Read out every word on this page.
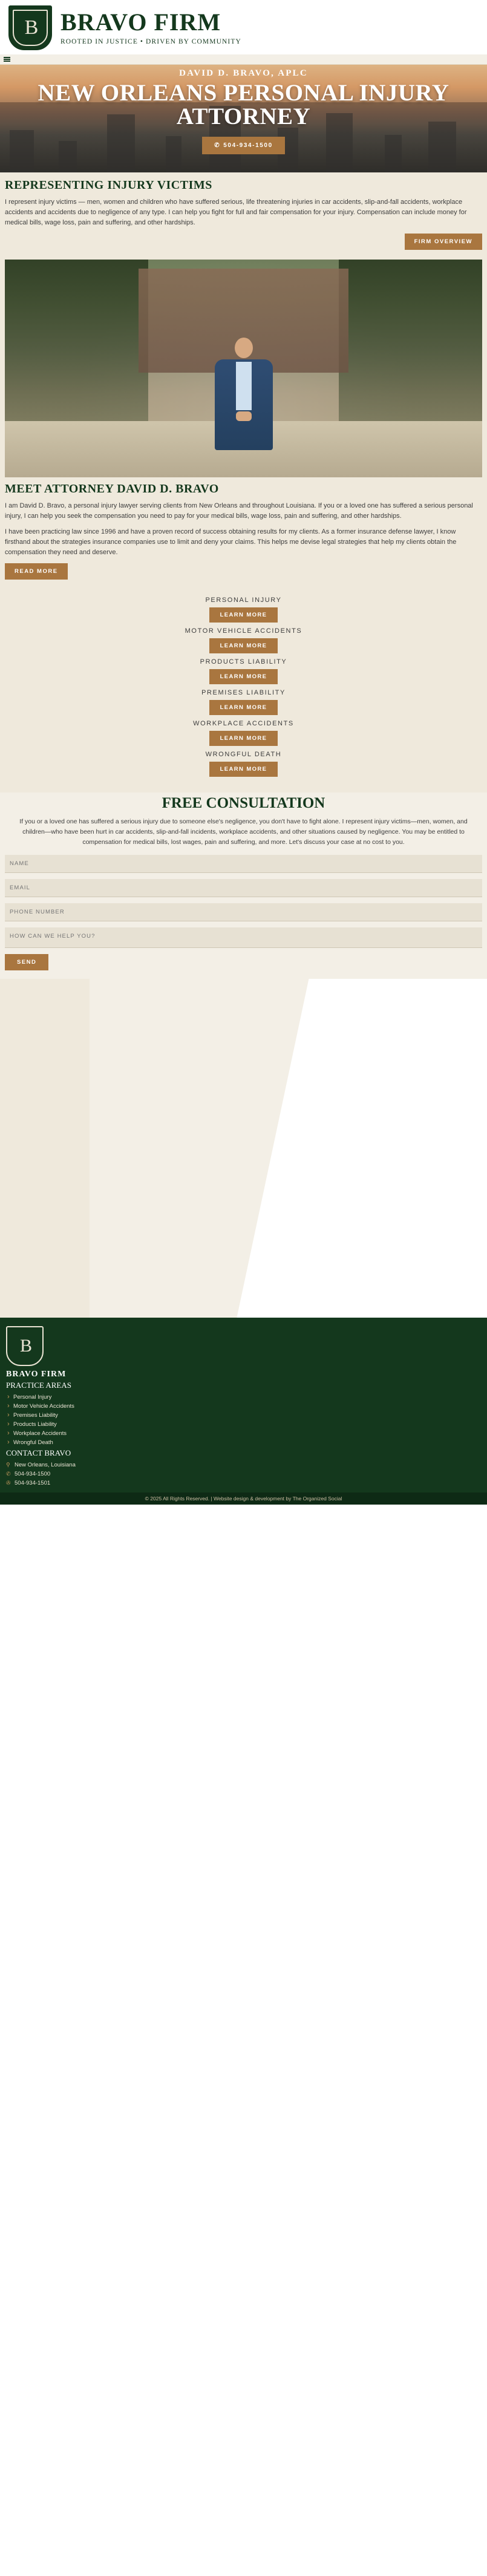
B	BRAVO FIRM
ROOTED IN JUSTICE • DRIVEN BY COMMUNITY
DAVID D. BRAVO, APLC
NEW ORLEANS PERSONAL INJURY ATTORNEY
✆ 504-934-1500
REPRESENTING INJURY VICTIMS

I represent injury victims — men, women and children who have suffered serious, life threatening injuries in car accidents, slip-and-fall accidents, workplace accidents and accidents due to negligence of any type. I can help you fight for full and fair compensation for your injury. Compensation can include money for medical bills, wage loss, pain and suffering, and other hardships.

FIRM OVERVIEW
MEET ATTORNEY DAVID D. BRAVO

I am David D. Bravo, a personal injury lawyer serving clients from New Orleans and throughout Louisiana. If you or a loved one has suffered a serious personal injury, I can help you seek the compensation you need to pay for your medical bills, wage loss, pain and suffering, and other hardships.

I have been practicing law since 1996 and have a proven record of success obtaining results for my clients. As a former insurance defense lawyer, I know firsthand about the strategies insurance companies use to limit and deny your claims. This helps me devise legal strategies that help my clients obtain the compensation they need and deserve.

READ MORE
PERSONAL INJURY
LEARN MORE
MOTOR VEHICLE ACCIDENTS
LEARN MORE
PRODUCTS LIABILITY
LEARN MORE
PREMISES LIABILITY
LEARN MORE
WORKPLACE ACCIDENTS
LEARN MORE
WRONGFUL DEATH
LEARN MORE
FREE CONSULTATION

If you or a loved one has suffered a serious injury due to someone else's negligence, you don't have to fight alone. I represent injury victims—men, women, and children—who have been hurt in car accidents, slip-and-fall incidents, workplace accidents, and other situations caused by negligence. You may be entitled to compensation for medical bills, lost wages, pain and suffering, and more. Let's discuss your case at no cost to you.

NAME
EMAIL
PHONE NUMBER
HOW CAN WE HELP YOU? SEND
B
BRAVO FIRM
PRACTICE AREAS
› Personal Injury
› Motor Vehicle Accidents
› Premises Liability
› Products Liability
› Workplace Accidents
› Wrongful Death
CONTACT BRAVO

⚲ New Orleans, Louisiana

✆ 504-934-1500

✇ 504-934-1501

© 2025 All Rights Reserved. | Website design & development by The Organized Social
